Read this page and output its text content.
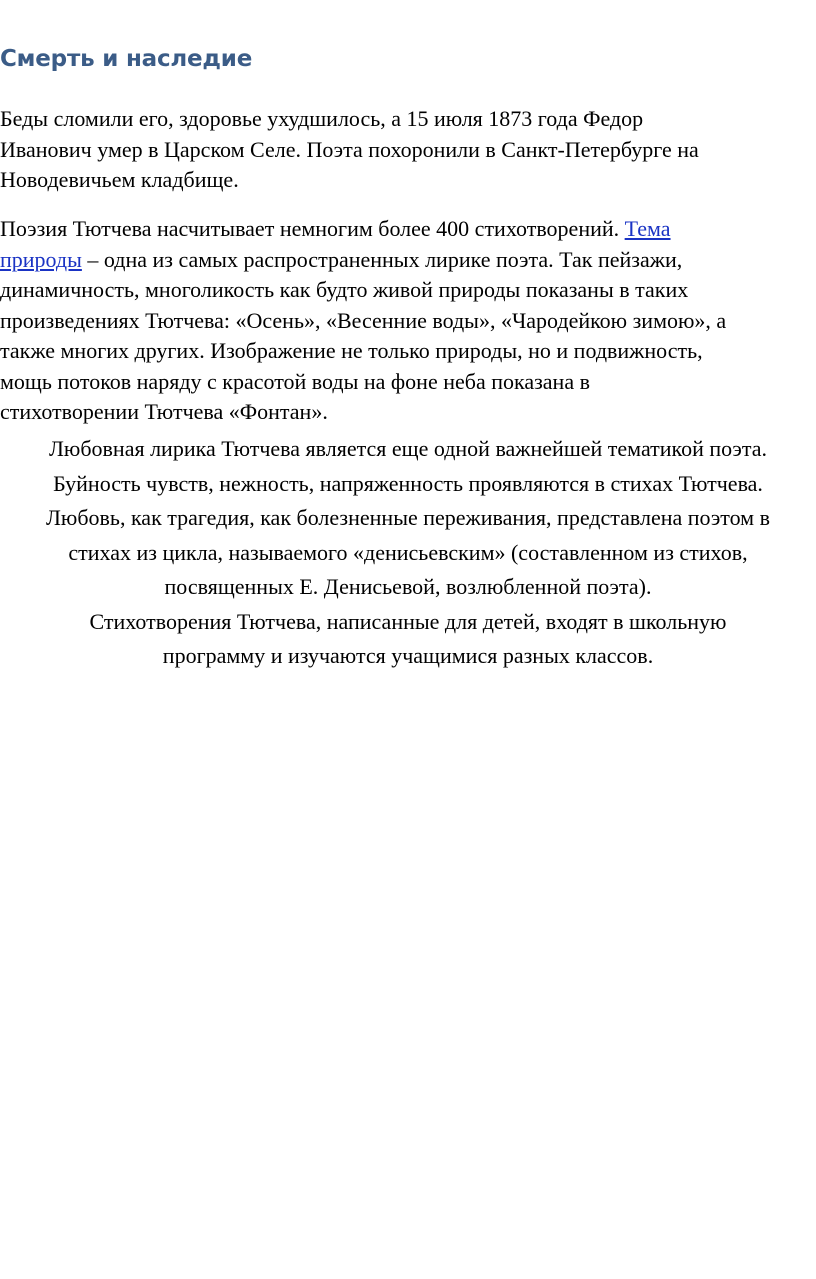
Смерть и наследие

Беды сломили его, здоровье ухудшилось, а 15 июля 1873 года Федор
Иванович умер в Царском Селе. Поэта похоронили в Санкт-Петербурге на
Новодевичьем кладбище.

Поэзия Тютчева насчитывает немногим более 400 стихотворений. Тема
природы – одна из самых распространенных лирике поэта. Так пейзажи,
динамичность, многоликость как будто живой природы показаны в таких
произведениях Тютчева: «Осень», «Весенние воды», «Чародейкою зимою», а
также многих других. Изображение не только природы, но и подвижность,
мощь потоков наряду с красотой воды на фоне неба показана в
стихотворении Тютчева «Фонтан».

Любовная лирика Тютчева является еще одной важнейшей тематикой поэта.
Буйность чувств, нежность, напряженность проявляются в стихах Тютчева.
Любовь, как трагедия, как болезненные переживания, представлена поэтом в
стихах из цикла, называемого «денисьевским» (составленном из стихов,
посвященных Е. Денисьевой, возлюбленной поэта).
Стихотворения Тютчева, написанные для детей, входят в школьную
программу и изучаются учащимися разных классов.
